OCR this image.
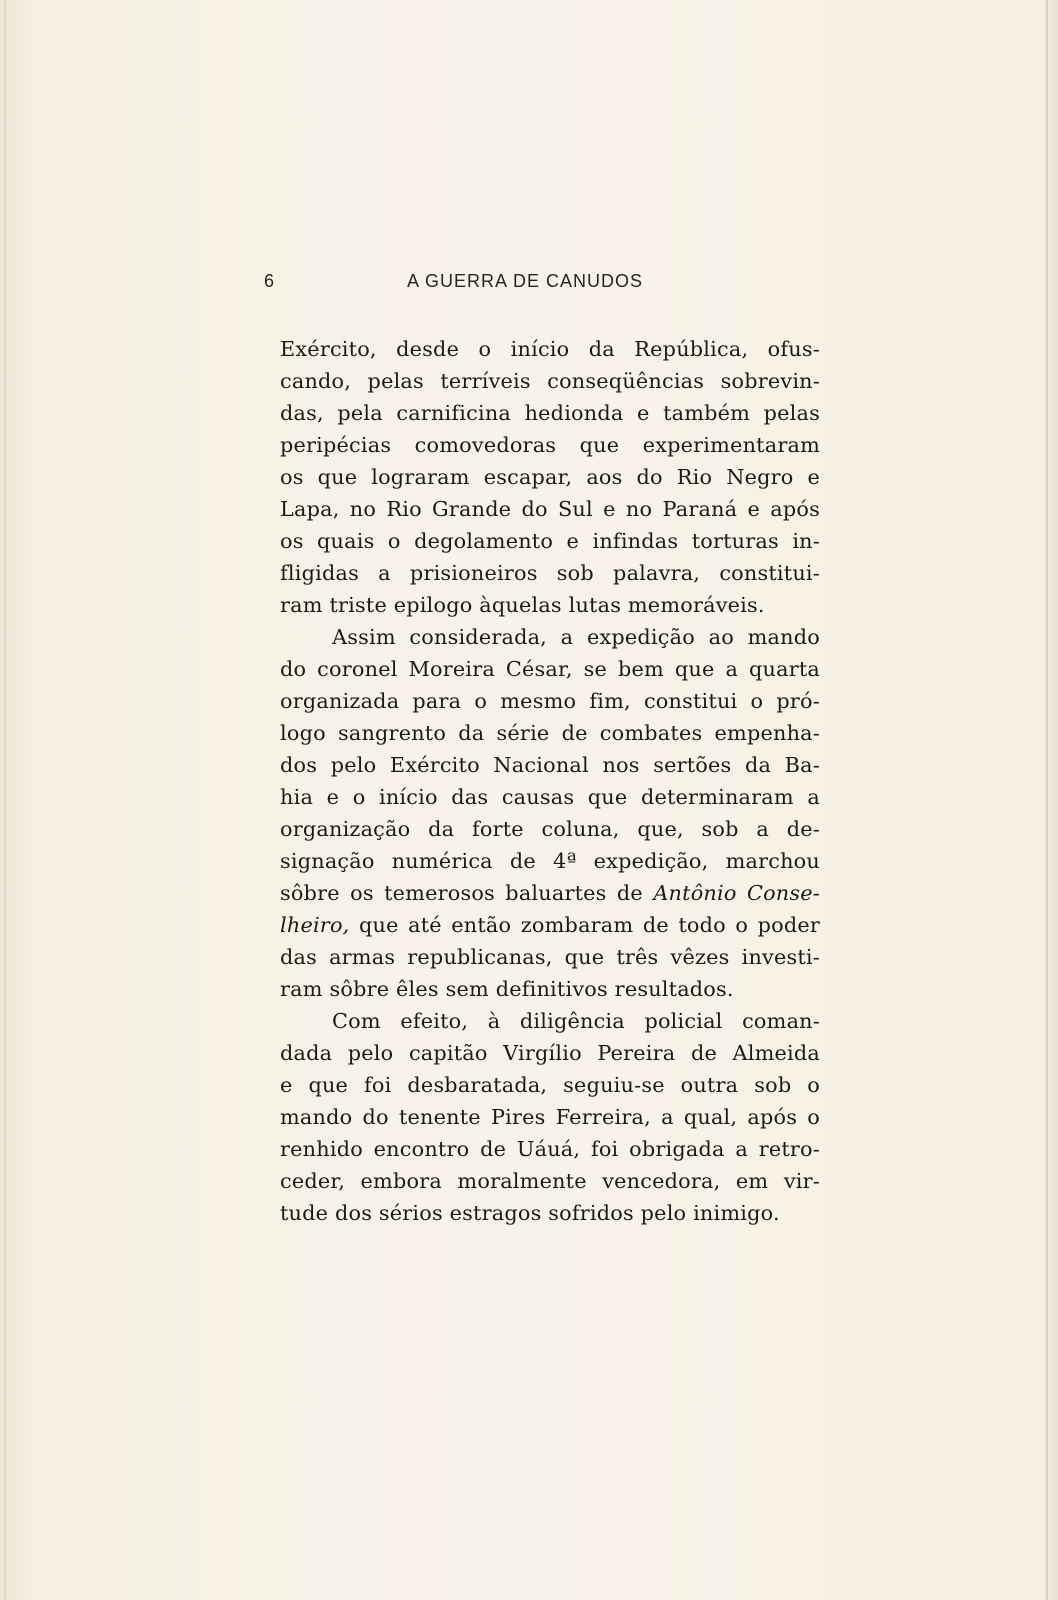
6	A GUERRA DE CANUDOS
Exército, desde o início da República, ofus-
cando, pelas terríveis conseqüências sobrevin-
das, pela carnificina hedionda e também pelas
peripécias comovedoras que experimentaram
os que lograram escapar, aos do Rio Negro e
Lapa, no Rio Grande do Sul e no Paraná e após
os quais o degolamento e infindas torturas in-
fligidas a prisioneiros sob palavra, constitui-
ram triste epilogo àquelas lutas memoráveis.
Assim considerada, a expedição ao mando
do coronel Moreira César, se bem que a quarta
organizada para o mesmo fim, constitui o pró-
logo sangrento da série de combates empenha-
dos pelo Exército Nacional nos sertões da Ba-
hia e o início das causas que determinaram a
organização da forte coluna, que, sob a de-
signação numérica de 4ª expedição, marchou
sôbre os temerosos baluartes de Antônio Conse-
lheiro, que até então zombaram de todo o poder
das armas republicanas, que três vêzes investi-
ram sôbre êles sem definitivos resultados.
Com efeito, à diligência policial coman-
dada pelo capitão Virgílio Pereira de Almeida
e que foi desbaratada, seguiu-se outra sob o
mando do tenente Pires Ferreira, a qual, após o
renhido encontro de Uáuá, foi obrigada a retro-
ceder, embora moralmente vencedora, em vir-
tude dos sérios estragos sofridos pelo inimigo.
